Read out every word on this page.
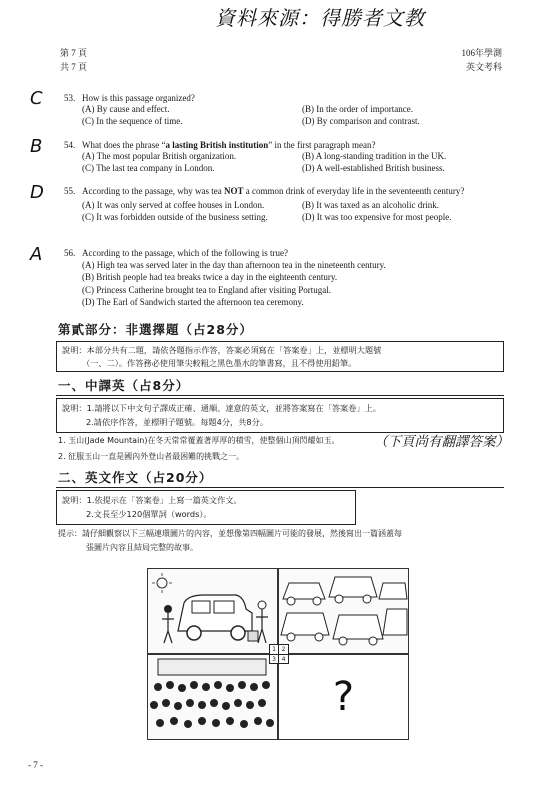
資料來源：得勝者文教
第 7 頁
共 7 頁
106年學測
英文考科
C 53. How is this passage organized?
(A) By cause and effect.	(B) In the order of importance.
(C) In the sequence of time.	(D) By comparison and contrast.
B 54. What does the phrase “a lasting British institution” in the first paragraph mean?
(A) The most popular British organization.	(B) A long-standing tradition in the UK.
(C) The last tea company in London.	(D) A well-established British business.
D 55. According to the passage, why was tea NOT a common drink of everyday life in the seventeenth century?
(A) It was only served at coffee houses in London.	(B) It was taxed as an alcoholic drink.
(C) It was forbidden outside of the business setting.	(D) It was too expensive for most people.
A 56. According to the passage, which of the following is true?
(A) High tea was served later in the day than afternoon tea in the nineteenth century.
(B) British people had tea breaks twice a day in the eighteenth century.
(C) Princess Catherine brought tea to England after visiting Portugal.
(D) The Earl of Sandwich started the afternoon tea ceremony.
第貳部分：非選擇題（占28分）
說明：本部分共有二題，請依各題指示作答，答案必須寫在「答案卷」上，並標明大題號
（一、二）。作答務必使用筆尖較粗之黑色墨水的筆書寫，且不得使用鉛筆。
一、中譯英（占8分）
說明：1.請將以下中文句子譯成正確、通順、達意的英文，並將答案寫在「答案卷」上。
2.請依序作答，並標明子題號。每題4分，共8分。
1. 玉山(Jade Mountain)在冬天常常覆蓋著厚厚的積雪，使整個山頂閃耀如玉。
2. 征服玉山一直是國內外登山者最困難的挑戰之一。
（下頁尚有翻譯答案）
二、英文作文（占20分）
說明：1.依提示在「答案卷」上寫一篇英文作文。
2.文長至少120個單詞（words）。
提示：請仔細觀察以下三幅連環圖片的內容，並想像第四幅圖片可能的發展，然後寫出一篇涵蓋每
張圖片內容且結局完整的故事。
?
1 2
3 4
- 7 -
